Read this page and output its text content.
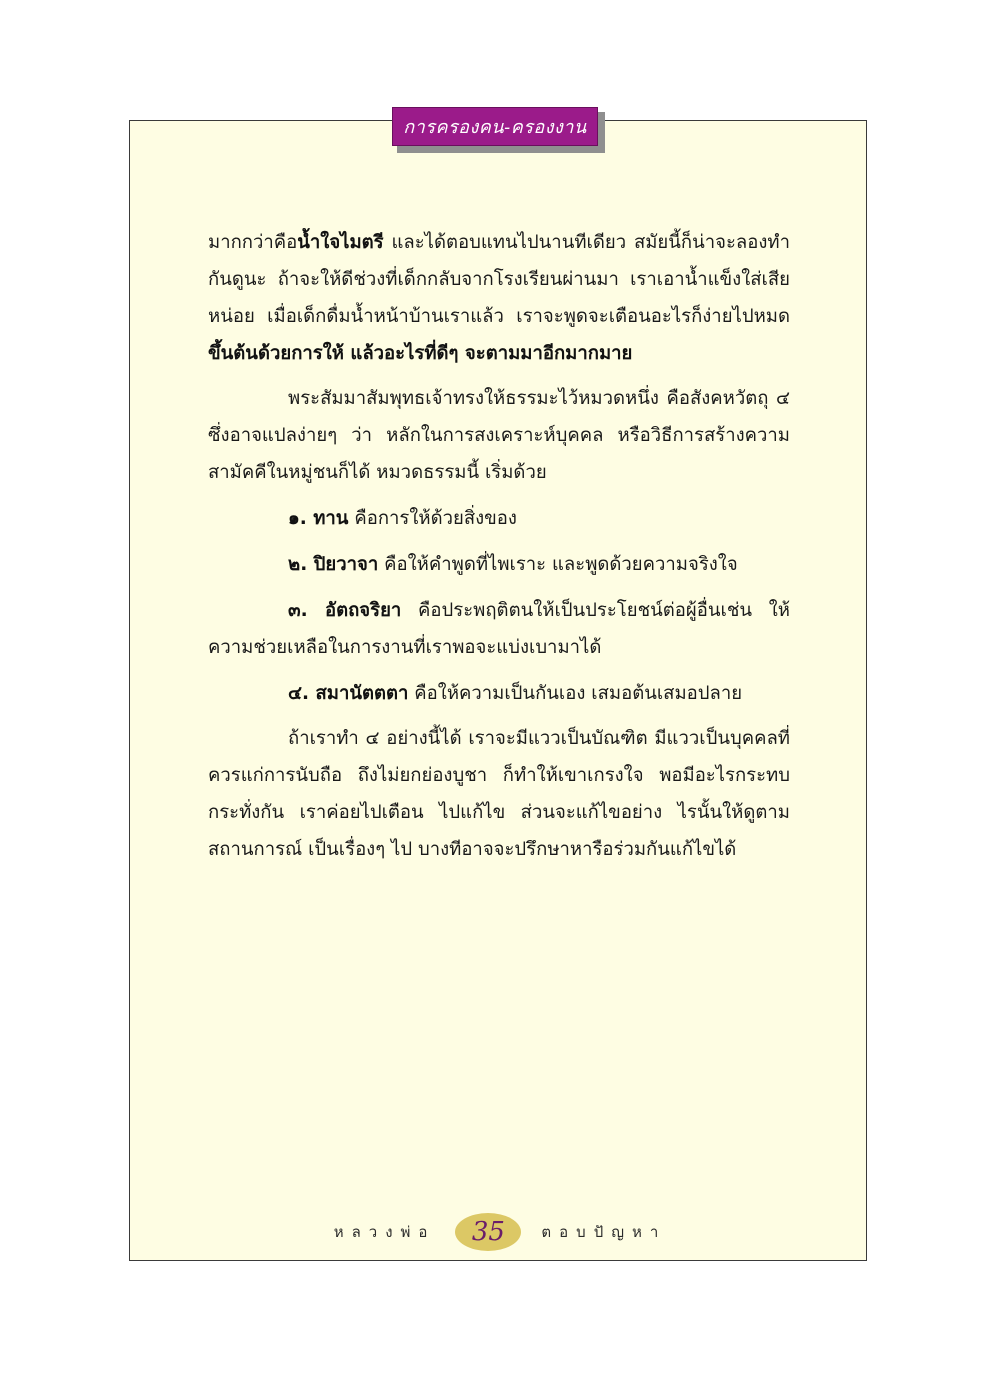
การครองคน-ครองงาน

มากกว่าคือน้ำใจไมตรี และได้ตอบแทนไปนานทีเดียว สมัยนี้ก็น่าจะลองทำกันดูนะ ถ้าจะให้ดีช่วงที่เด็กกลับจากโรงเรียนผ่านมา เราเอาน้ำแข็งใส่เสียหน่อย เมื่อเด็กดื่มน้ำหน้าบ้านเราแล้ว เราจะพูดจะเตือนอะไรก็ง่ายไปหมด ขึ้นต้นด้วยการให้ แล้วอะไรที่ดีๆ จะตามมาอีกมากมาย

พระสัมมาสัมพุทธเจ้าทรงให้ธรรมะไว้หมวดหนึ่ง คือสังคหวัตถุ ๔ ซึ่งอาจแปลง่ายๆ ว่า หลักในการสงเคราะห์บุคคล หรือวิธีการสร้างความสามัคคีในหมู่ชนก็ได้ หมวดธรรมนี้ เริ่มด้วย

๑. ทาน คือการให้ด้วยสิ่งของ

๒. ปิยวาจา คือให้คำพูดที่ไพเราะ และพูดด้วยความจริงใจ

๓. อัตถจริยา คือประพฤติตนให้เป็นประโยชน์ต่อผู้อื่นเช่น ให้ความช่วยเหลือในการงานที่เราพอจะแบ่งเบามาได้

๔. สมานัตตตา คือให้ความเป็นกันเอง เสมอต้นเสมอปลาย

ถ้าเราทำ ๔ อย่างนี้ได้ เราจะมีแววเป็นบัณฑิต มีแววเป็นบุคคลที่ควรแก่การนับถือ ถึงไม่ยกย่องบูชา ก็ทำให้เขาเกรงใจ พอมีอะไรกระทบกระทั่งกัน เราค่อยไปเตือน ไปแก้ไข ส่วนจะแก้ไขอย่าง ไรนั้นให้ดูตามสถานการณ์ เป็นเรื่องๆ ไป บางทีอาจจะปรึกษาหารือร่วมกันแก้ไขได้

หลวงพ่อ	35	ตอบปัญหา
